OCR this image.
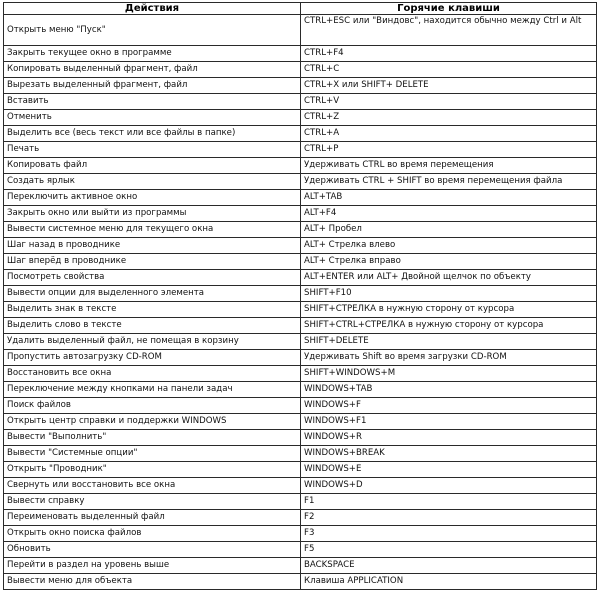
Действия	Горячие клавиши
Открыть меню "Пуск"	CTRL+ESC или "Виндовс", находится обычно между Ctrl и Alt
Закрыть текущее окно в программе	CTRL+F4
Копировать выделенный фрагмент, файл	CTRL+C
Вырезать выделенный фрагмент, файл	CTRL+X или SHIFT+ DELETE
Вставить	CTRL+V
Отменить	CTRL+Z
Выделить все (весь текст или все файлы в папке)	CTRL+A
Печать	CTRL+P
Копировать файл	Удерживать CTRL во время перемещения
Создать ярлык	Удерживать CTRL + SHIFT во время перемещения файла
Переключить активное окно	ALT+TAB
Закрыть окно или выйти из программы	ALT+F4
Вывести системное меню для текущего окна	ALT+ Пробел
Шаг назад в проводнике	ALT+ Стрелка влево
Шаг вперёд в проводнике	ALT+ Стрелка вправо
Посмотреть свойства	ALT+ENTER или ALT+ Двойной щелчок по объекту
Вывести опции для выделенного элемента	SHIFT+F10
Выделить знак в тексте	SHIFT+СТРЕЛКА в нужную сторону от курсора
Выделить слово в тексте	SHIFT+CTRL+СТРЕЛКА в нужную сторону от курсора
Удалить выделенный файл, не помещая в корзину	SHIFT+DELETE
Пропустить автозагрузку CD-ROM	Удерживать Shift во время загрузки CD-ROM
Восстановить все окна	SHIFT+WINDOWS+M
Переключение между кнопками на панели задач	WINDOWS+TAB
Поиск файлов	WINDOWS+F
Открыть центр справки и поддержки WINDOWS	WINDOWS+F1
Вывести "Выполнить"	WINDOWS+R
Вывести "Системные опции"	WINDOWS+BREAK
Открыть "Проводник"	WINDOWS+E
Свернуть или восстановить все окна	WINDOWS+D
Вывести справку	F1
Переименовать выделенный файл	F2
Открыть окно поиска файлов	F3
Обновить	F5
Перейти в раздел на уровень выше	BACKSPACE
Вывести меню для объекта	Клавиша APPLICATION
